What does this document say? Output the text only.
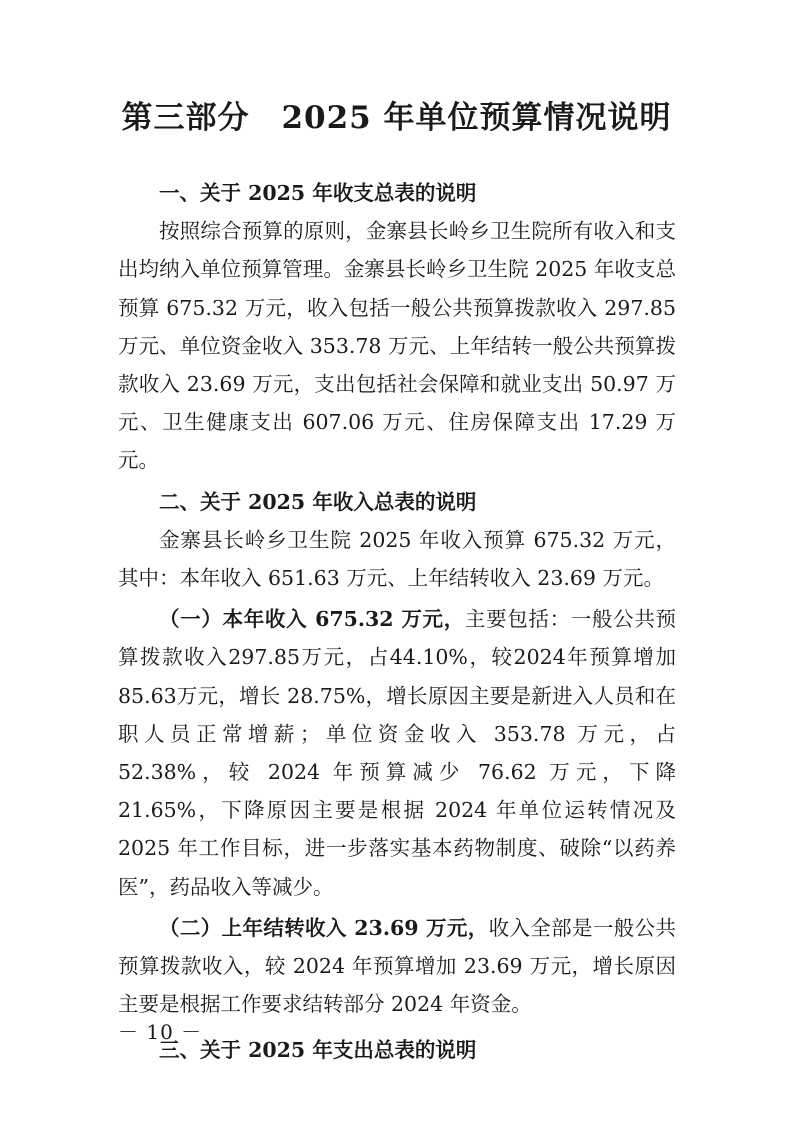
第三部分　2025 年单位预算情况说明

一、关于 2025 年收支总表的说明

按照综合预算的原则，金寨县长岭乡卫生院所有收入和支出均纳入单位预算管理。金寨县长岭乡卫生院 2025 年收支总预算 675.32 万元，收入包括一般公共预算拨款收入 297.85 万元、单位资金收入 353.78 万元、上年结转一般公共预算拨款收入 23.69 万元，支出包括社会保障和就业支出 50.97 万元、卫生健康支出 607.06 万元、住房保障支出 17.29 万元。

二、关于 2025 年收入总表的说明

金寨县长岭乡卫生院 2025 年收入预算 675.32 万元，其中：本年收入 651.63 万元、上年结转收入 23.69 万元。

（一）本年收入 675.32 万元，主要包括：一般公共预算拨款收入297.85万元，占44.10%，较2024年预算增加85.63万元，增长 28.75%，增长原因主要是新进入人员和在职人员正常增薪；单位资金收入 353.78 万元，占 52.38%，较 2024 年预算减少 76.62 万元，下降 21.65%，下降原因主要是根据 2024 年单位运转情况及 2025 年工作目标，进一步落实基本药物制度、破除“以药养医”，药品收入等减少。

（二）上年结转收入 23.69 万元，收入全部是一般公共预算拨款收入，较 2024 年预算增加 23.69 万元，增长原因主要是根据工作要求结转部分 2024 年资金。

三、关于 2025 年支出总表的说明

－ 10 －
